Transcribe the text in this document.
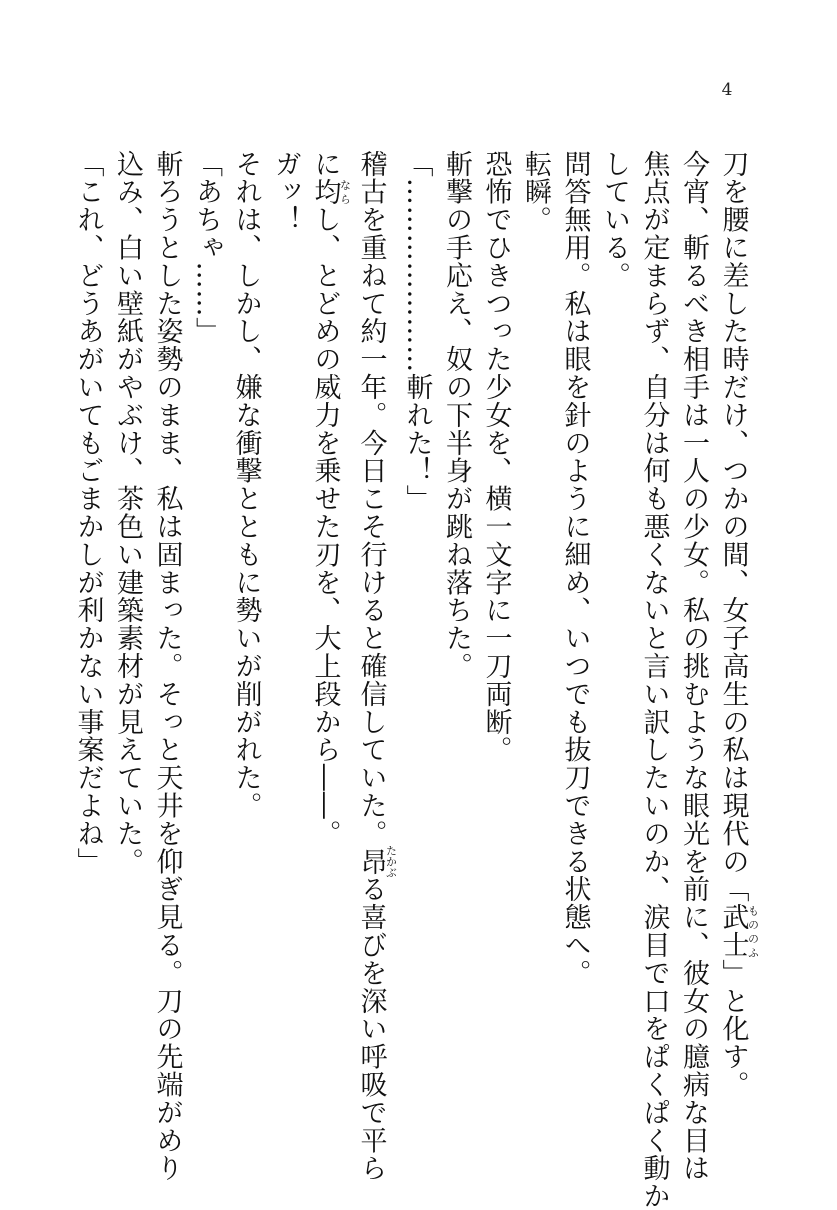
4
刀を腰に差した時だけ、つかの間、女子高生の私は現代の「武士もののふ」と化す。
今宵、斬るべき相手は一人の少女。私の挑むような眼光を前に、彼女の臆病な目は
焦点が定まらず、自分は何も悪くないと言い訳したいのか、涙目で口をぱくぱく動か
している。
問答無用。私は眼を針のように細め、いつでも抜刀できる状態へ。
転瞬。
恐怖でひきつった少女を、横一文字に一刀両断。
斬撃の手応え、奴の下半身が跳ね落ちた。
「…………………斬れた！」
稽古を重ねて約一年。今日こそ行けると確信していた。昂たかぶる喜びを深い呼吸で平ら
に均ならし、とどめの威力を乗せた刃を、大上段から――。
ガッ！
それは、しかし、嫌な衝撃とともに勢いが削がれた。
「あちゃ……」
斬ろうとした姿勢のまま、私は固まった。そっと天井を仰ぎ見る。刀の先端がめり
込み、白い壁紙がやぶけ、茶色い建築素材が見えていた。
「これ、どうあがいてもごまかしが利かない事案だよね」
